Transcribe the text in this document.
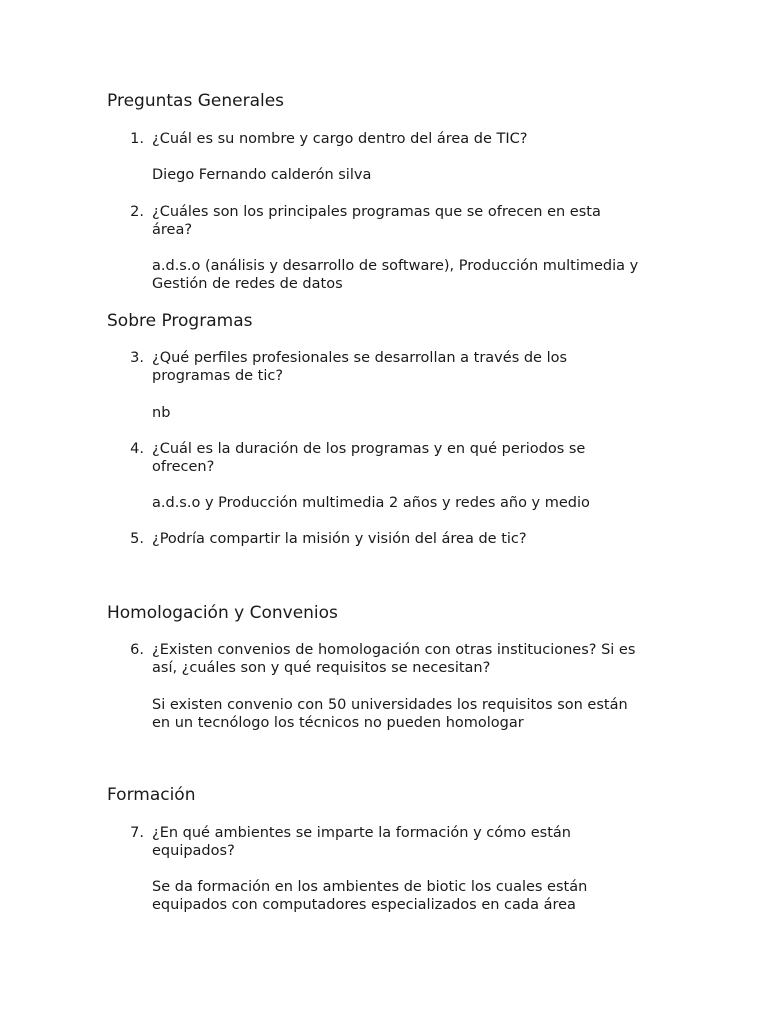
Preguntas Generales
1. ¿Cuál es su nombre y cargo dentro del área de TIC?
Diego Fernando calderón silva
2. ¿Cuáles son los principales programas que se ofrecen en esta
área?
a.d.s.o (análisis y desarrollo de software), Producción multimedia y
Gestión de redes de datos
Sobre Programas
3. ¿Qué perfiles profesionales se desarrollan a través de los
programas de tic?
nb
4. ¿Cuál es la duración de los programas y en qué periodos se
ofrecen?
a.d.s.o y Producción multimedia 2 años y redes año y medio
5. ¿Podría compartir la misión y visión del área de tic?
Homologación y Convenios
6. ¿Existen convenios de homologación con otras instituciones? Si es
así, ¿cuáles son y qué requisitos se necesitan?
Si existen convenio con 50 universidades los requisitos son están
en un tecnólogo los técnicos no pueden homologar
Formación
7. ¿En qué ambientes se imparte la formación y cómo están
equipados?
Se da formación en los ambientes de biotic los cuales están
equipados con computadores especializados en cada área
